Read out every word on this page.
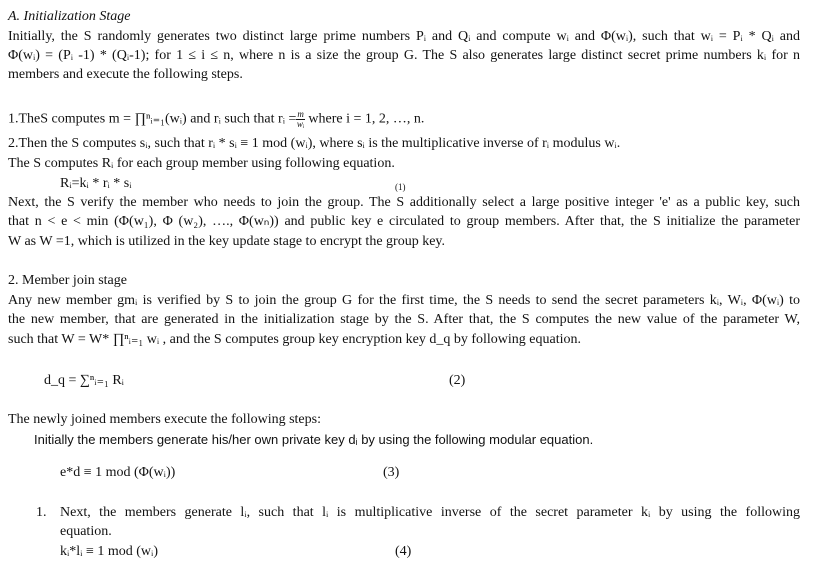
A. Initialization Stage
Initially, the S randomly generates two distinct large prime numbers Pᵢ and Qᵢ and compute wᵢ and Φ(wᵢ), such that wᵢ = Pᵢ * Qᵢ and
Φ(wᵢ) = (Pᵢ -1) * (Qᵢ-1); for 1 ≤ i ≤ n, where n is a size the group G. The S also generates large distinct secret prime numbers kᵢ for n
members and execute the following steps.
1.TheS computes m = ∏ⁿᵢ₌₁(wᵢ) and rᵢ such that rᵢ = $\frac{m}{\text{wᵢ}}$ where i = 1, 2, …, n.
2.Then the S computes sᵢ, such that rᵢ * sᵢ ≡ 1 mod (wᵢ), where sᵢ is the multiplicative inverse of rᵢ modulus wᵢ.
The S computes Rᵢ for each group member using following equation.
Rᵢ=kᵢ * rᵢ * sᵢ	(1)
Next, the S verify the member who needs to join the group. The S additionally select a large positive integer 'e' as a public key, such
that n < e < min (Φ(w₁), Φ (w₂), …., Φ(wₙ)) and public key e circulated to group members. After that, the S initialize the parameter
W as W =1, which is utilized in the key update stage to encrypt the group key.
2. Member join stage
Any new member gmᵢ is verified by S to join the group G for the first time, the S needs to send the secret parameters kᵢ, Wᵢ, Φ(wᵢ) to
the new member, that are generated in the initialization stage by the S. After that, the S computes the new value of the parameter W,
such that W = W* ∏ⁿᵢ₌₁ wᵢ , and the S computes group key encryption key d_q by following equation.
d_q = ∑ⁿᵢ₌₁ Rᵢ	(2)
The newly joined members execute the following steps:
Initially the members generate his/her own private key dᵢ by using the following modular equation.
e*d ≡ 1 mod (Φ(wᵢ))	(3)
1. Next, the members generate lᵢ, such that lᵢ is multiplicative inverse of the secret parameter kᵢ by using the following
equation.
kᵢ*lᵢ ≡ 1 mod (wᵢ)	(4)
